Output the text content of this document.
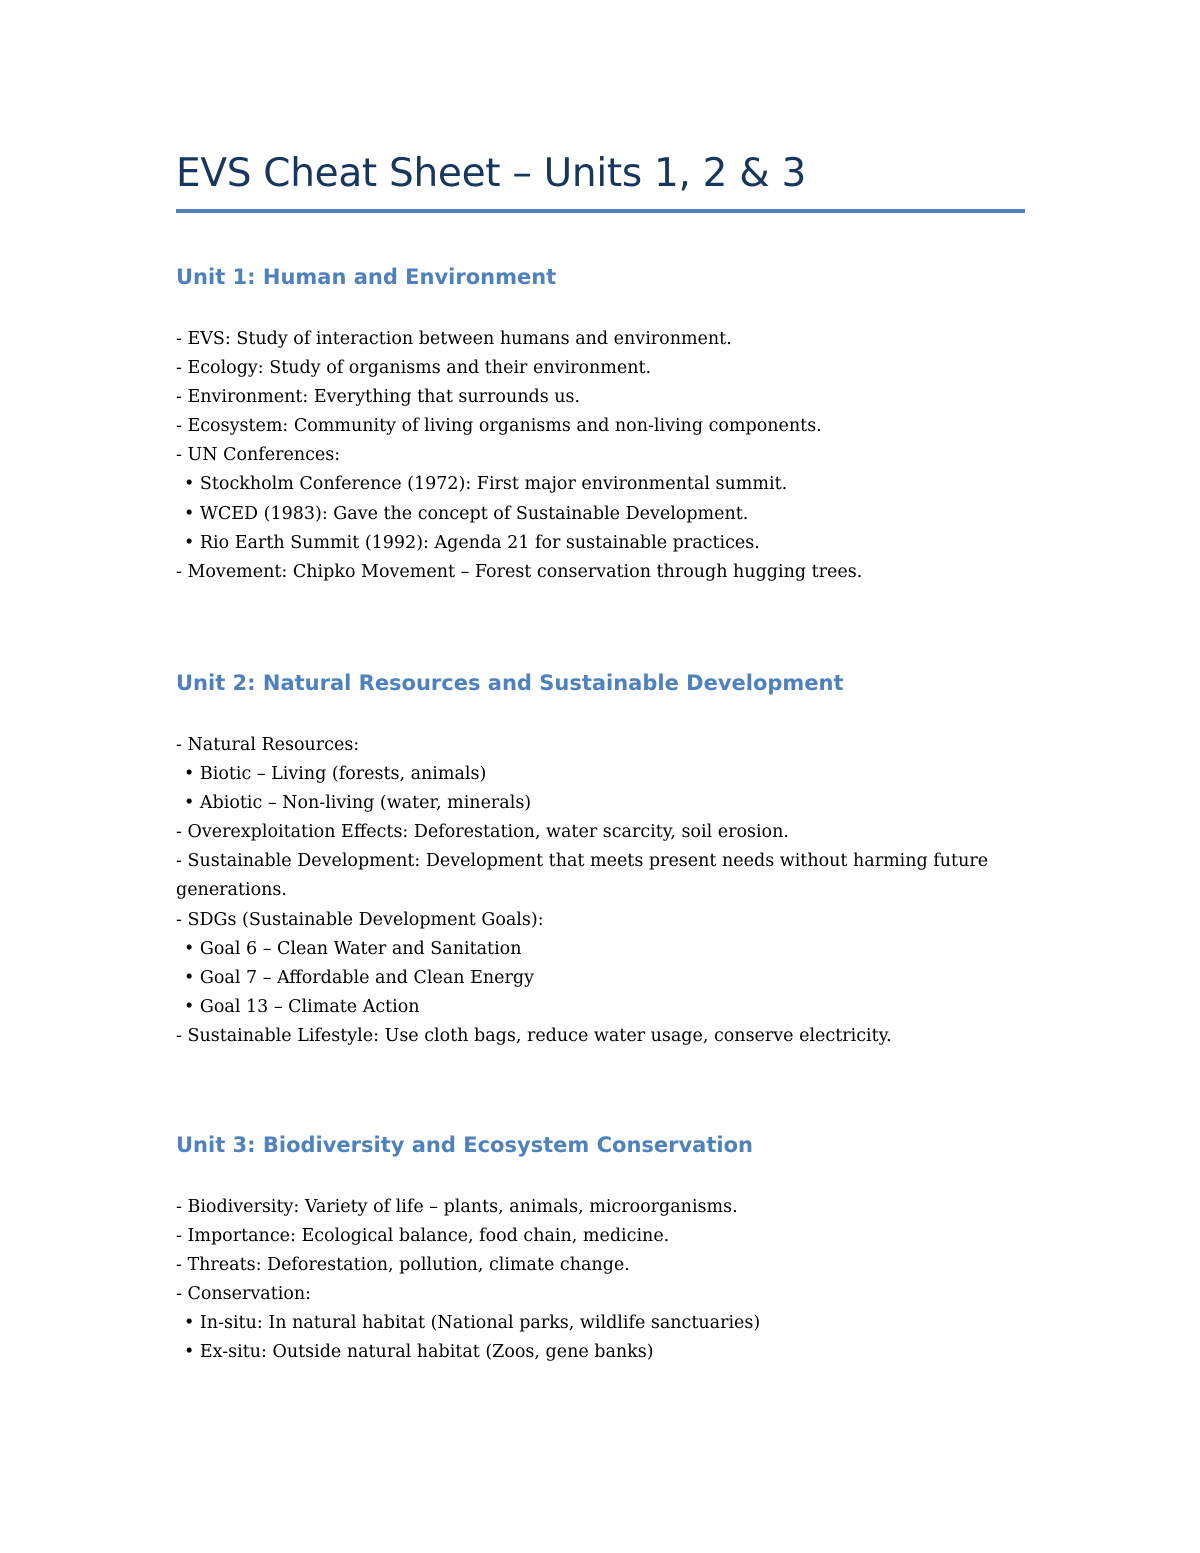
EVS Cheat Sheet – Units 1, 2 & 3
Unit 1: Human and Environment
- EVS: Study of interaction between humans and environment.
- Ecology: Study of organisms and their environment.
- Environment: Everything that surrounds us.
- Ecosystem: Community of living organisms and non-living components.
- UN Conferences:
• Stockholm Conference (1972): First major environmental summit.
• WCED (1983): Gave the concept of Sustainable Development.
• Rio Earth Summit (1992): Agenda 21 for sustainable practices.
- Movement: Chipko Movement – Forest conservation through hugging trees.
Unit 2: Natural Resources and Sustainable Development
- Natural Resources:
• Biotic – Living (forests, animals)
• Abiotic – Non-living (water, minerals)
- Overexploitation Effects: Deforestation, water scarcity, soil erosion.
- Sustainable Development: Development that meets present needs without harming future generations.
- SDGs (Sustainable Development Goals):
• Goal 6 – Clean Water and Sanitation
• Goal 7 – Affordable and Clean Energy
• Goal 13 – Climate Action
- Sustainable Lifestyle: Use cloth bags, reduce water usage, conserve electricity.
Unit 3: Biodiversity and Ecosystem Conservation
- Biodiversity: Variety of life – plants, animals, microorganisms.
- Importance: Ecological balance, food chain, medicine.
- Threats: Deforestation, pollution, climate change.
- Conservation:
• In-situ: In natural habitat (National parks, wildlife sanctuaries)
• Ex-situ: Outside natural habitat (Zoos, gene banks)
